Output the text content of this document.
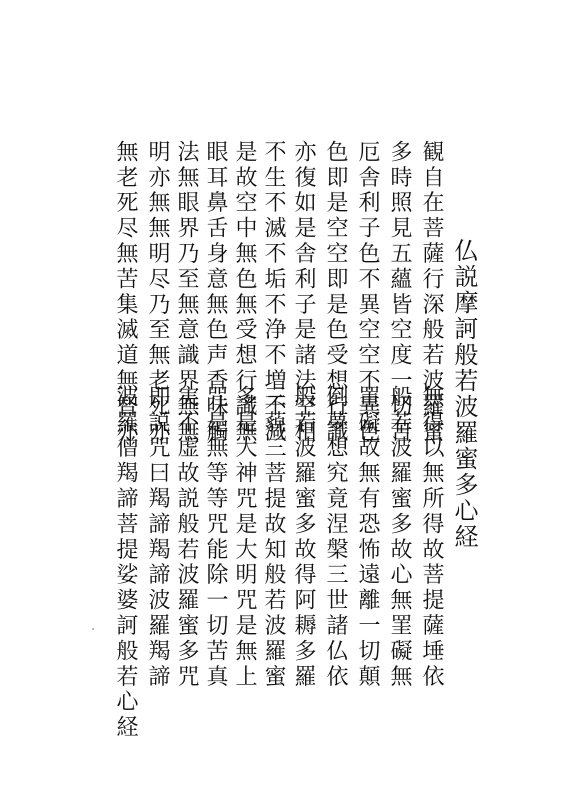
仏説摩訶般若波羅蜜多心経
観自在菩薩行深般若波羅蜜
多時照見五蘊皆空度一切苦
厄舎利子色不異空空不異色
色即是空空即是色受想行識
亦復如是舎利子是諸法空相
不生不滅不垢不浄不増不減
是故空中無色無受想行識無
眼耳鼻舌身意無色声香味觸
法無眼界乃至無意識界無無
明亦無無明尽乃至無老死亦
無老死尽無苦集滅道無智亦
無得以無所得故菩提薩埵依
般若波羅蜜多故心無罣礙無
罣礙故無有恐怖遠離一切顛
倒夢想究竟涅槃三世諸仏依
般若波羅蜜多故得阿耨多羅
三藐三菩提故知般若波羅蜜
多是大神咒是大明咒是無上
咒是無等等咒能除一切苦真
実不虚故説般若波羅蜜多咒
即説咒曰羯諦羯諦波羅羯諦
波羅僧羯諦菩提娑婆訶般若心経
